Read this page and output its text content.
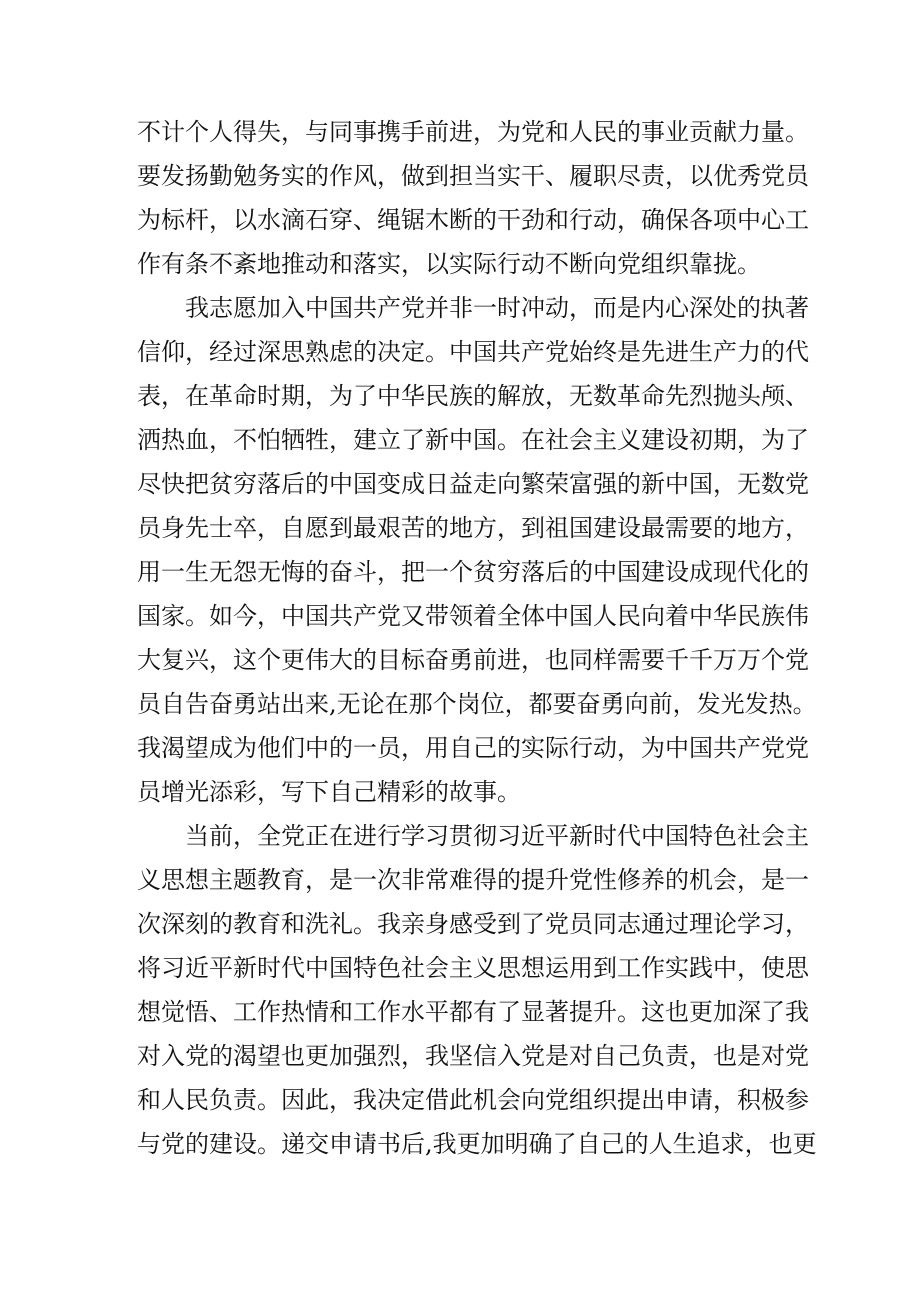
不计个人得失，与同事携手前进，为党和人民的事业贡献力量。
要发扬勤勉务实的作风，做到担当实干、履职尽责，以优秀党员
为标杆，以水滴石穿、绳锯木断的干劲和行动，确保各项中心工
作有条不紊地推动和落实，以实际行动不断向党组织靠拢。
我志愿加入中国共产党并非一时冲动，而是内心深处的执著
信仰，经过深思熟虑的决定。中国共产党始终是先进生产力的代
表，在革命时期，为了中华民族的解放，无数革命先烈抛头颅、
洒热血，不怕牺牲，建立了新中国。在社会主义建设初期，为了
尽快把贫穷落后的中国变成日益走向繁荣富强的新中国，无数党
员身先士卒，自愿到最艰苦的地方，到祖国建设最需要的地方，
用一生无怨无悔的奋斗，把一个贫穷落后的中国建设成现代化的
国家。如今，中国共产党又带领着全体中国人民向着中华民族伟
大复兴，这个更伟大的目标奋勇前进，也同样需要千千万万个党
员自告奋勇站出来,无论在那个岗位，都要奋勇向前，发光发热。
我渴望成为他们中的一员，用自己的实际行动，为中国共产党党
员增光添彩，写下自己精彩的故事。
当前，全党正在进行学习贯彻习近平新时代中国特色社会主
义思想主题教育，是一次非常难得的提升党性修养的机会，是一
次深刻的教育和洗礼。我亲身感受到了党员同志通过理论学习，
将习近平新时代中国特色社会主义思想运用到工作实践中，使思
想觉悟、工作热情和工作水平都有了显著提升。这也更加深了我
对入党的渴望也更加强烈，我坚信入党是对自己负责，也是对党
和人民负责。因此，我决定借此机会向党组织提出申请，积极参
与党的建设。递交申请书后,我更加明确了自己的人生追求，也更
